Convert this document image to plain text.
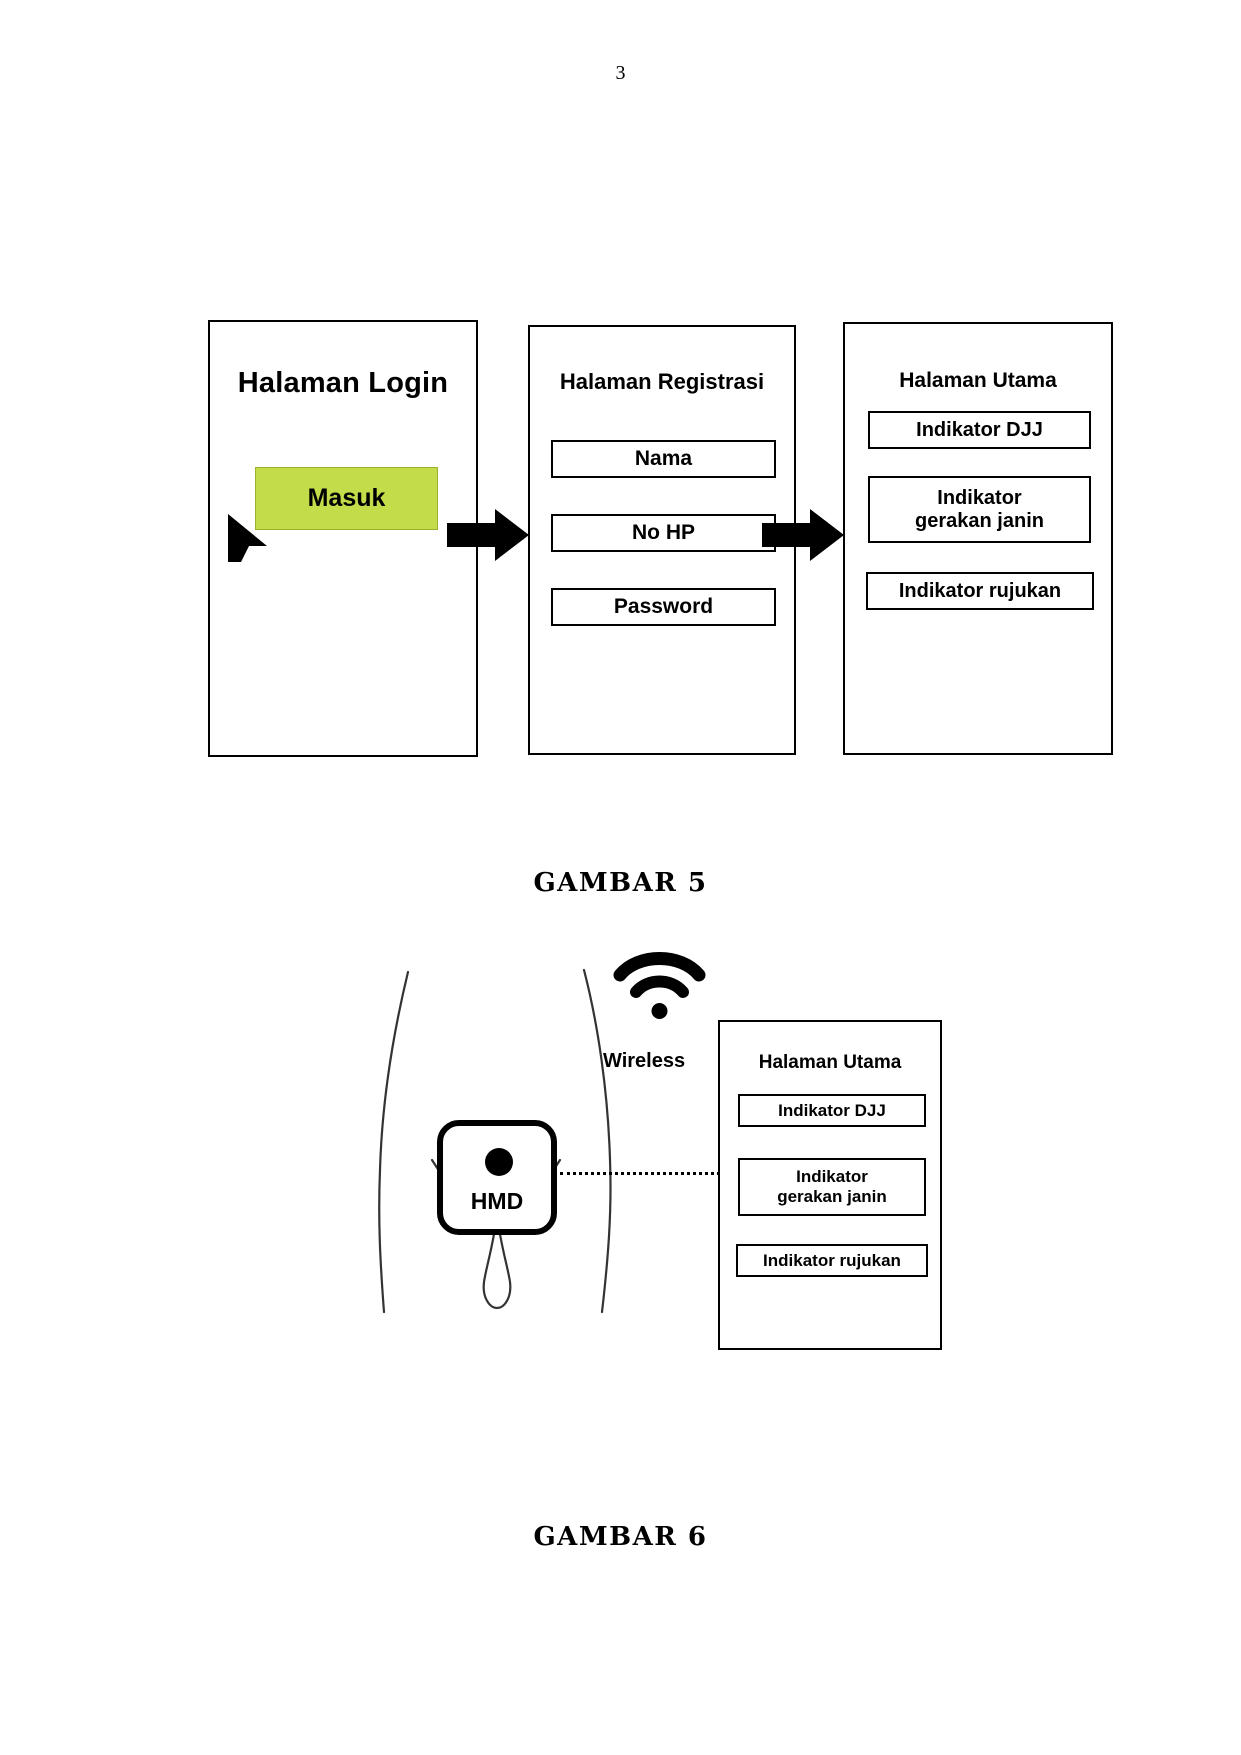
3
Halaman Login
Masuk
Halaman Registrasi
Nama
No HP
Password
Halaman Utama
Indikator DJJ
Indikator
gerakan janin
Indikator rujukan
GAMBAR 5
Wireless
HMD
Halaman Utama
Indikator DJJ
Indikator
gerakan janin
Indikator rujukan
GAMBAR 6
